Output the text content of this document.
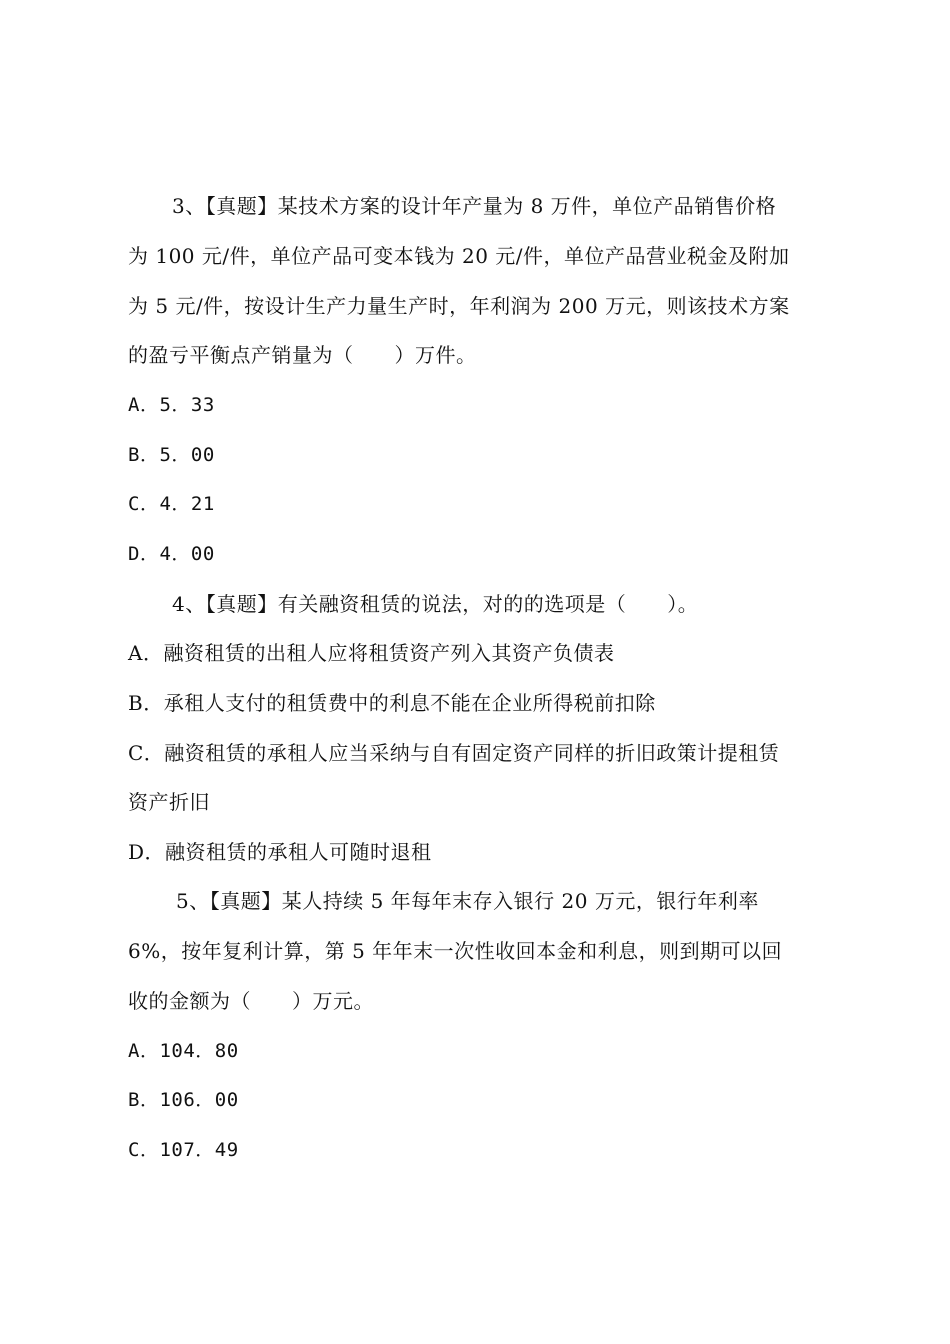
3、【真题】某技术方案的设计年产量为 8 万件，单位产品销售价格
为 100 元/件，单位产品可变本钱为 20 元/件，单位产品营业税金及附加
为 5 元/件，按设计生产力量生产时，年利润为 200 万元，则该技术方案
的盈亏平衡点产销量为（　　）万件。
A．5．33
B．5．00
C．4．21
D．4．00
4、【真题】有关融资租赁的说法，对的的选项是（　　）。
A．融资租赁的出租人应将租赁资产列入其资产负债表
B．承租人支付的租赁费中的利息不能在企业所得税前扣除
C．融资租赁的承租人应当采纳与自有固定资产同样的折旧政策计提租赁
资产折旧
D．融资租赁的承租人可随时退租
5、【真题】某人持续 5 年每年末存入银行 20 万元，银行年利率
6%，按年复利计算，第 5 年年末一次性收回本金和利息，则到期可以回
收的金额为（　　）万元。
A．104．80
B．106．00
C．107．49
